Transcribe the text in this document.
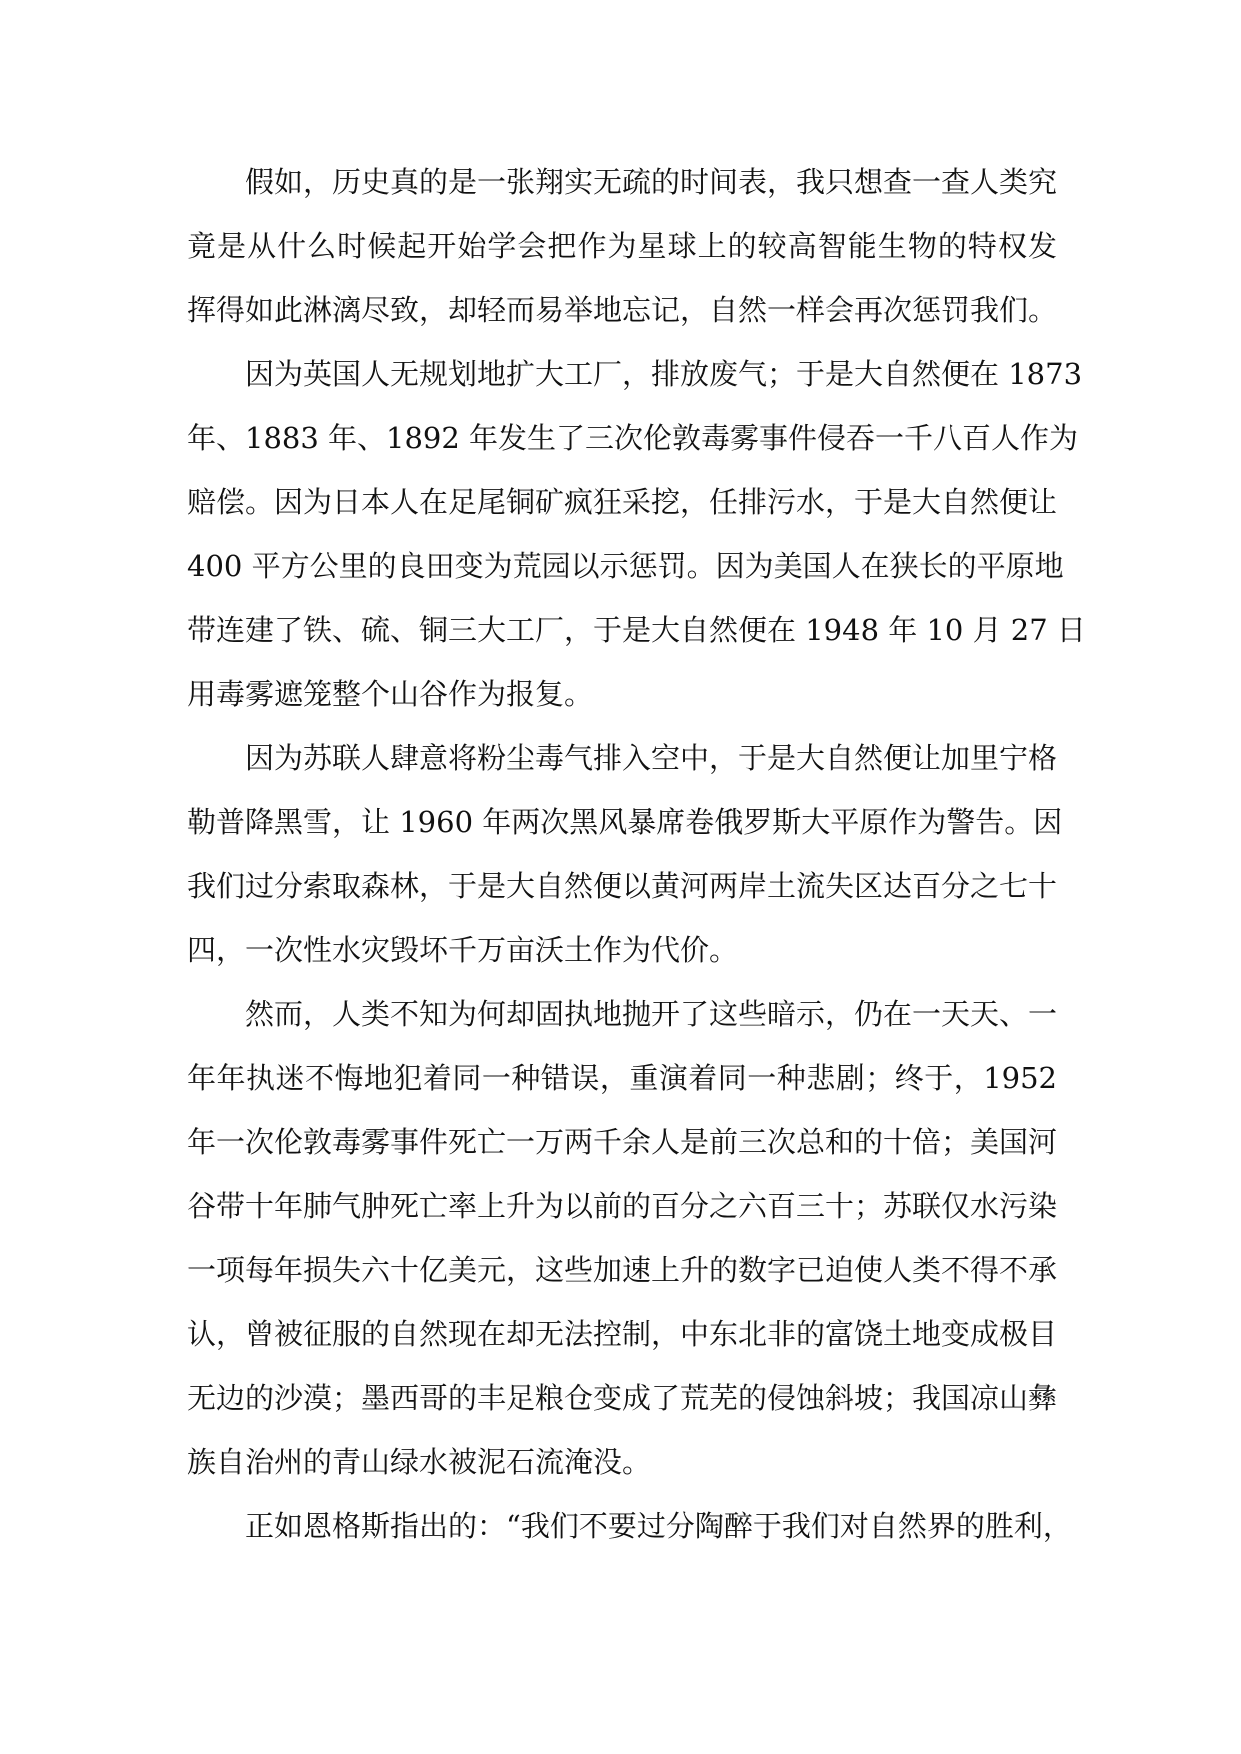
　　假如，历史真的是一张翔实无疏的时间表，我只想查一查人类究
竟是从什么时候起开始学会把作为星球上的较高智能生物的特权发
挥得如此淋漓尽致，却轻而易举地忘记，自然一样会再次惩罚我们。
　　因为英国人无规划地扩大工厂，排放废气；于是大自然便在 1873
年、1883 年、1892 年发生了三次伦敦毒雾事件侵吞一千八百人作为
赔偿。因为日本人在足尾铜矿疯狂采挖，任排污水，于是大自然便让
400 平方公里的良田变为荒园以示惩罚。因为美国人在狭长的平原地
带连建了铁、硫、铜三大工厂，于是大自然便在 1948 年 10 月 27 日
用毒雾遮笼整个山谷作为报复。
　　因为苏联人肆意将粉尘毒气排入空中，于是大自然便让加里宁格
勒普降黑雪，让 1960 年两次黑风暴席卷俄罗斯大平原作为警告。因
我们过分索取森林，于是大自然便以黄河两岸土流失区达百分之七十
四，一次性水灾毁坏千万亩沃土作为代价。
　　然而，人类不知为何却固执地抛开了这些暗示，仍在一天天、一
年年执迷不悔地犯着同一种错误，重演着同一种悲剧；终于，1952
年一次伦敦毒雾事件死亡一万两千余人是前三次总和的十倍；美国河
谷带十年肺气肿死亡率上升为以前的百分之六百三十；苏联仅水污染
一项每年损失六十亿美元，这些加速上升的数字已迫使人类不得不承
认，曾被征服的自然现在却无法控制，中东北非的富饶土地变成极目
无边的沙漠；墨西哥的丰足粮仓变成了荒芜的侵蚀斜坡；我国凉山彝
族自治州的青山绿水被泥石流淹没。
　　正如恩格斯指出的：“我们不要过分陶醉于我们对自然界的胜利，
